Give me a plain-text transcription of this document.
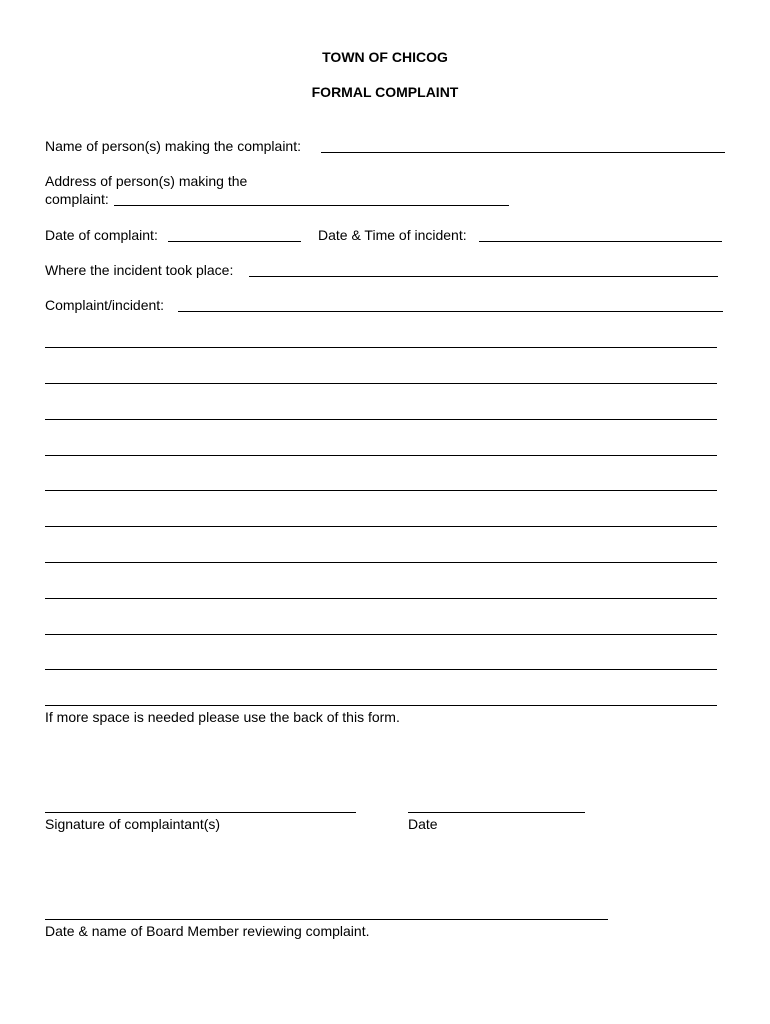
TOWN OF CHICOG
FORMAL COMPLAINT
Name of person(s) making the complaint:
Address of person(s) making the
complaint:
Date of complaint:	Date & Time of incident:
Where the incident took place:
Complaint/incident:
If more space is needed please use the back of this form.
Signature of complaintant(s)	Date
Date & name of Board Member reviewing complaint.
